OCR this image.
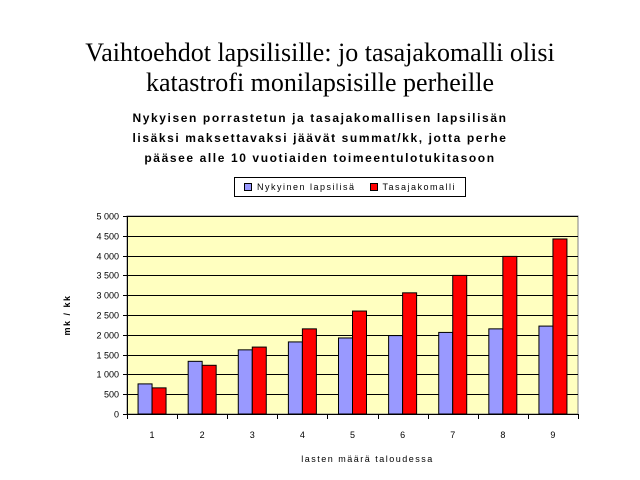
Vaihtoehdot lapsilisille: jo tasajakomalli olisi
katastrofi monilapsisille perheille
Nykyisen porrastetun ja tasajakomallisen lapsilisän
lisäksi maksettavaksi jäävät summat/kk, jotta perhe
pääsee alle 10 vuotiaiden toimeentulotukitasoon
Nykyinen lapsilisä	Tasajakomalli
0
500
1 000
1 500
2 000
2 500
3 000
3 500
4 000
4 500
5 000
1	2	3	4	5	6	7	8	9
mk / kk
lasten määrä taloudessa
